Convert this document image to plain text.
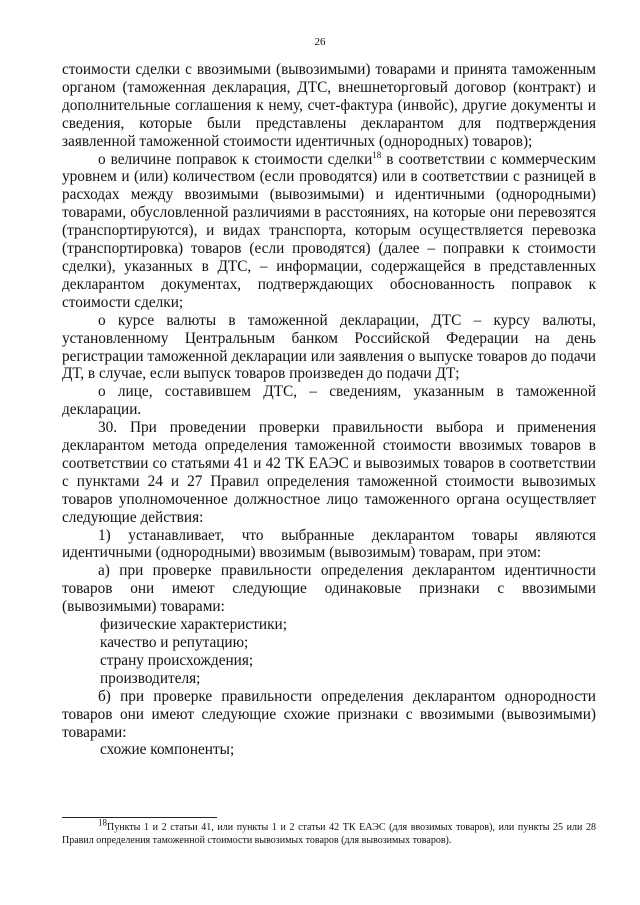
26

стоимости сделки с ввозимыми (вывозимыми) товарами и принята таможенным органом (таможенная декларация, ДТС, внешнеторговый договор (контракт) и дополнительные соглашения к нему, счет-фактура (инвойс), другие документы и сведения, которые были представлены декларантом для подтверждения заявленной таможенной стоимости идентичных (однородных) товаров);

о величине поправок к стоимости сделки$^{18}$ в соответствии с коммерческим уровнем и (или) количеством (если проводятся) или в соответствии с разницей в расходах между ввозимыми (вывозимыми) и идентичными (однородными) товарами, обусловленной различиями в расстояниях, на которые они перевозятся (транспортируются), и видах транспорта, которым осуществляется перевозка (транспортировка) товаров (если проводятся) (далее – поправки к стоимости сделки), указанных в ДТС, – информации, содержащейся в представленных декларантом документах, подтверждающих обоснованность поправок к стоимости сделки;

о курсе валюты в таможенной декларации, ДТС – курсу валюты, установленному Центральным банком Российской Федерации на день регистрации таможенной декларации или заявления о выпуске товаров до подачи ДТ, в случае, если выпуск товаров произведен до подачи ДТ;

о лице, составившем ДТС, – сведениям, указанным в таможенной декларации.

30. При проведении проверки правильности выбора и применения декларантом метода определения таможенной стоимости ввозимых товаров в соответствии со статьями 41 и 42 ТК ЕАЭС и вывозимых товаров в соответствии с пунктами 24 и 27 Правил определения таможенной стоимости вывозимых товаров уполномоченное должностное лицо таможенного органа осуществляет следующие действия:

1) устанавливает, что выбранные декларантом товары являются идентичными (однородными) ввозимым (вывозимым) товарам, при этом:

а) при проверке правильности определения декларантом идентичности товаров они имеют следующие одинаковые признаки с ввозимыми (вывозимыми) товарами:

физические характеристики;

качество и репутацию;

страну происхождения;

производителя;

б) при проверке правильности определения декларантом однородности товаров они имеют следующие схожие признаки с ввозимыми (вывозимыми) товарами:

схожие компоненты;

$^{18}$Пункты 1 и 2 статьи 41, или пункты 1 и 2 статьи 42 ТК ЕАЭС (для ввозимых товаров), или пункты 25 или 28 Правил определения таможенной стоимости вывозимых товаров (для вывозимых товаров).
